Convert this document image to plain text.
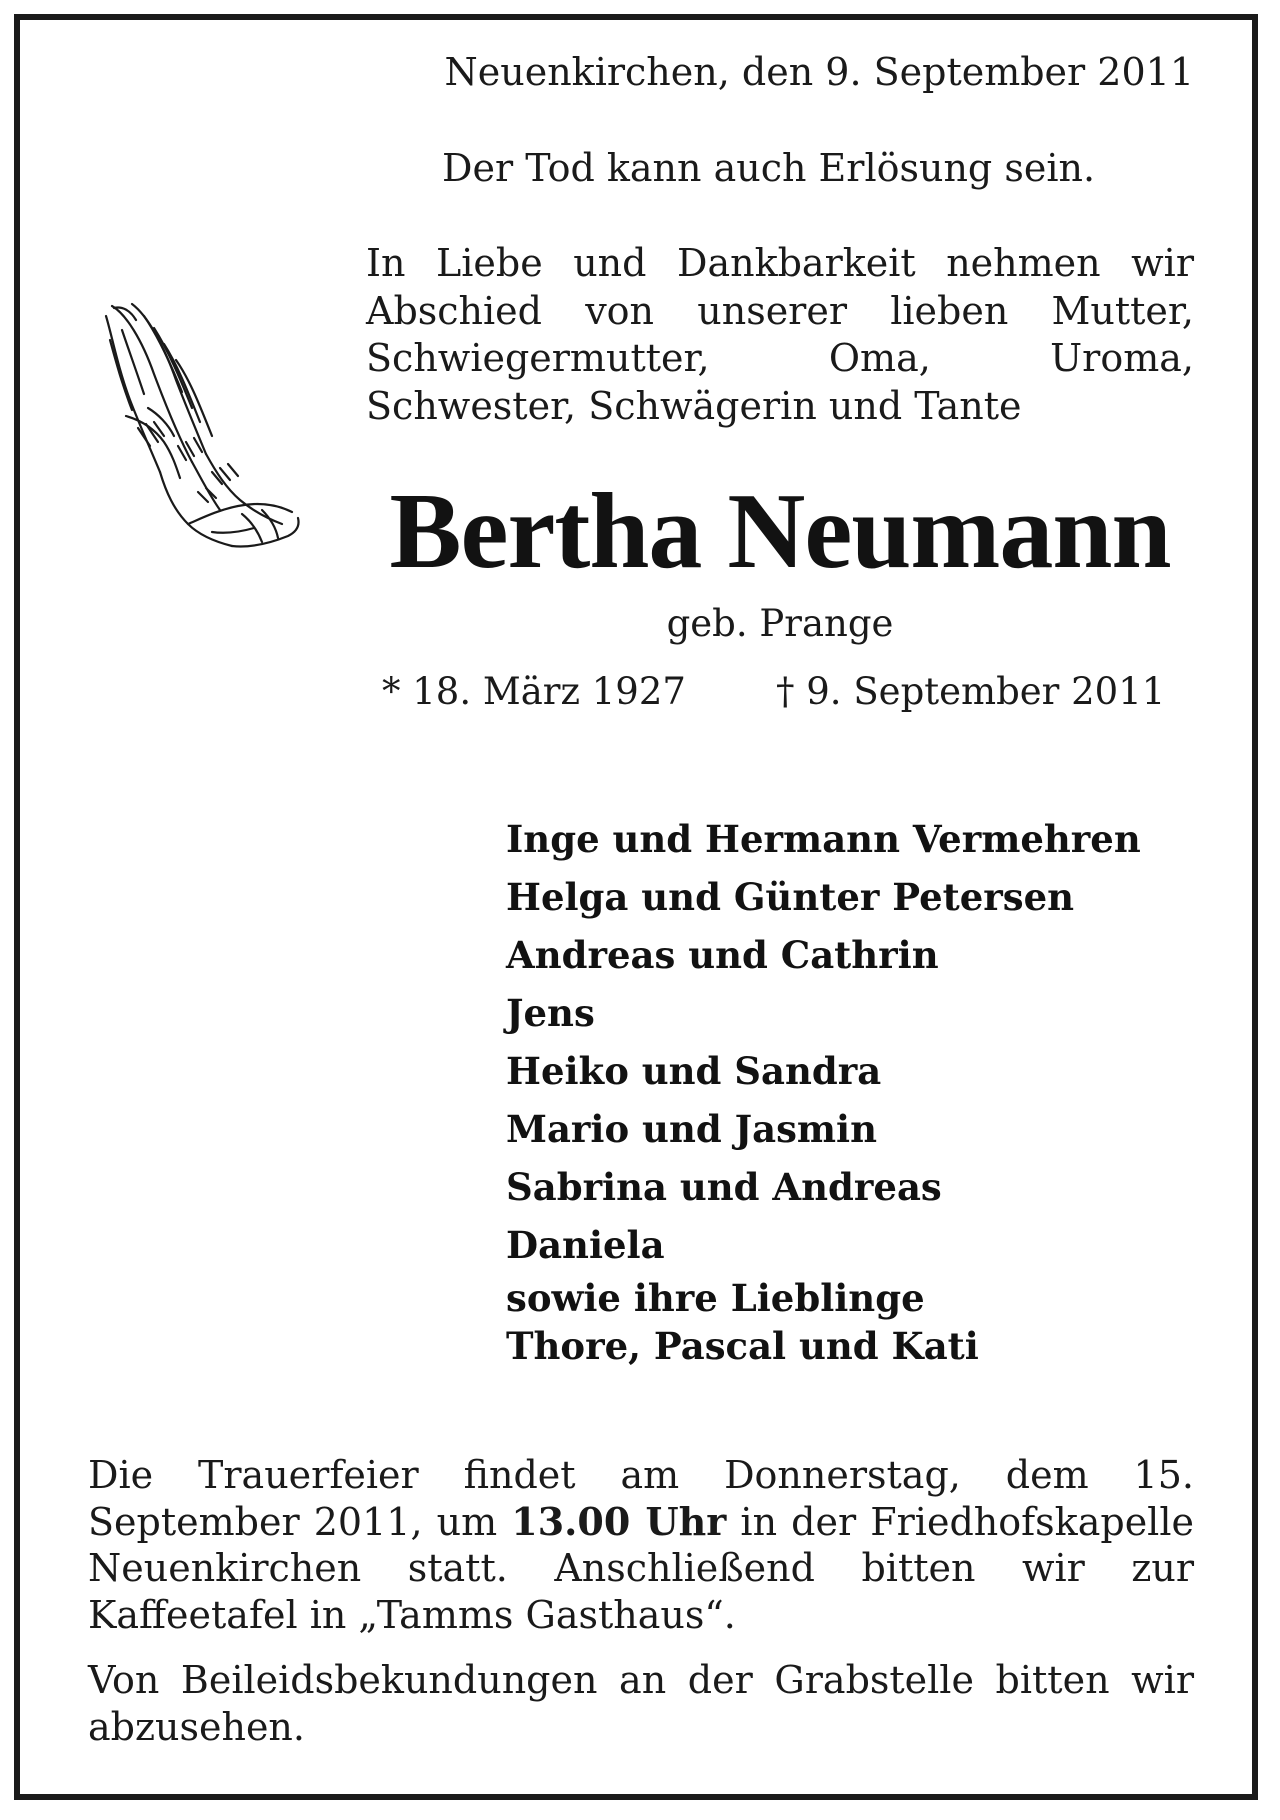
Neuenkirchen, den 9. September 2011
Der Tod kann auch Erlösung sein.

In Liebe und Dankbarkeit nehmen wir Abschied von unserer lieben Mutter, Schwiegermutter, Oma, Uroma, Schwester, Schwägerin und Tante

Bertha Neumann
geb. Prange
* 18. März 1927 † 9. September 2011
Inge und Hermann Vermehren
Helga und Günter Petersen
Andreas und Cathrin
Jens
Heiko und Sandra
Mario und Jasmin
Sabrina und Andreas
Daniela
sowie ihre Lieblinge
Thore, Pascal und Kati

Die Trauerfeier findet am Donnerstag, dem 15. September 2011, um 13.00 Uhr in der Friedhofskapelle Neuenkirchen statt. Anschließend bitten wir zur Kaffeetafel in „Tamms Gasthaus“.

Von Beileidsbekundungen an der Grabstelle bitten wir abzusehen.
